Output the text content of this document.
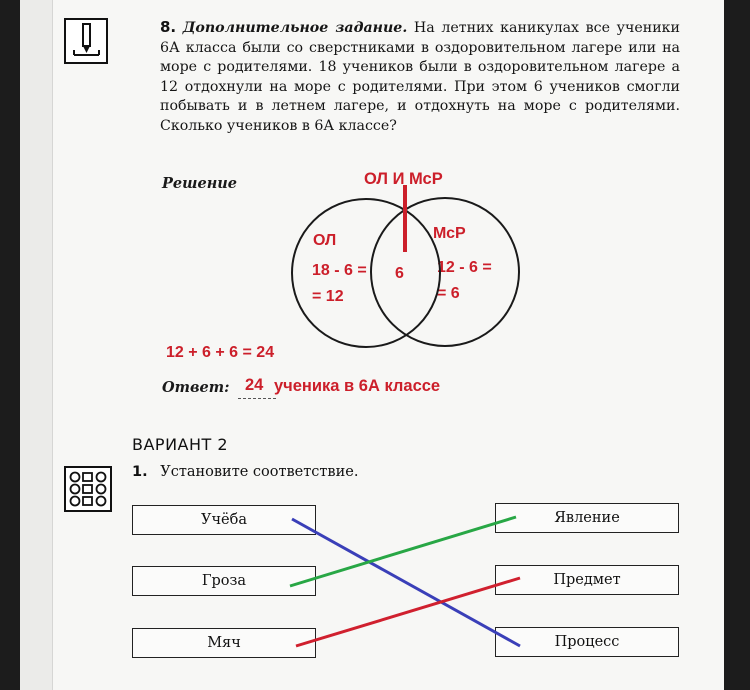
8. Дополнительное задание. На летних каникулах все ученики 6А класса были со сверстниками в оздоровительном лагере или на море с родителями. 18 учеников были в оздоровительном лагере а 12 отдохнули на море с родителями. При этом 6 учеников смогли побывать и в летнем лагере, и отдохнуть на море с родителями. Сколько учеников в 6А классе?
Решение	ОЛ И МсР
ОЛ
18 - 6 =
= 12
6
МсР
12 - 6 =
= 6
12 + 6 + 6 = 24
Ответ: 24 ученика в 6А классе
ВАРИАНТ 2
1. Установите соответствие.
Учёба
Гроза
Мяч
Явление
Предмет
Процесс
